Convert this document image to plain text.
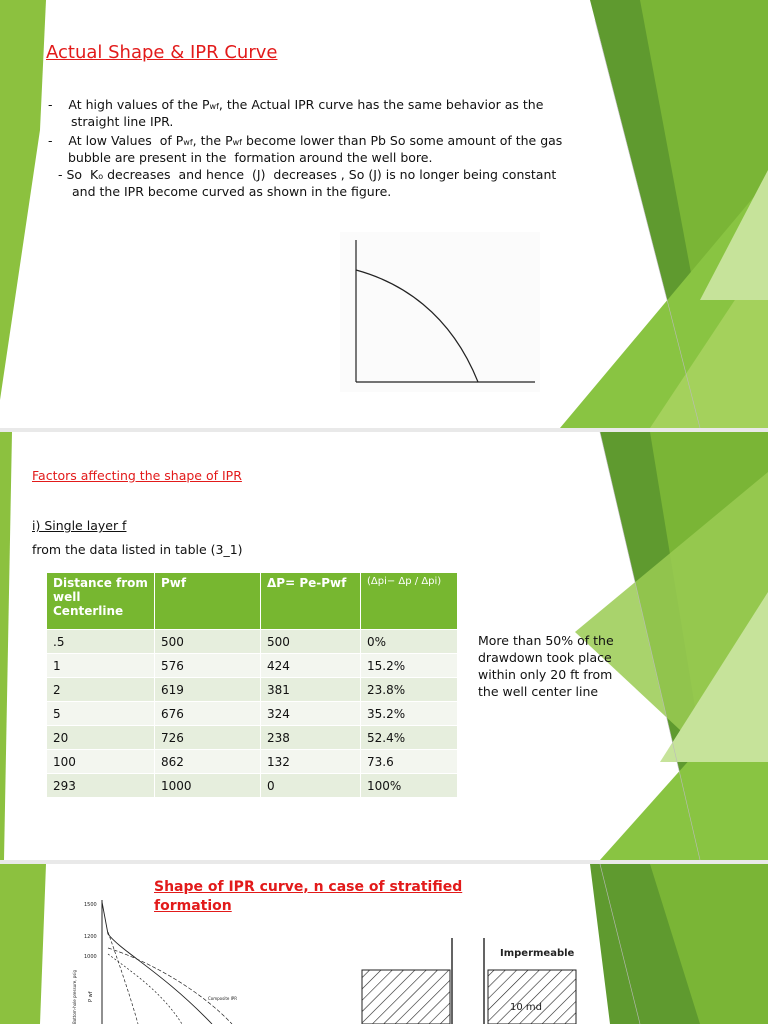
Actual Shape & IPR Curve
- At high values of the Pwf, the Actual IPR curve has the same behavior as the
straight line IPR.
- At low Values  of Pwf, the Pwf become lower than Pb So some amount of the gas
bubble are present in the  formation around the well bore.
- So Ko decreases  and hence  (J)  decreases , So (J) is no longer being constant
and the IPR become curved as shown in the figure.
Factors affecting the shape of IPR
i) Single layer f
from the data listed in table (3_1)
Distance from well Centerline	Pwf	ΔP= Pe-Pwf	(Δpi− Δp / Δpi)
.5	500	500	0%
1	576	424	15.2%
2	619	381	23.8%
5	676	324	35.2%
20	726	238	52.4%
100	862	132	73.6
293	1000	0	100%
More than 50% of the drawdown took place within only 20 ft from the well center line
Shape of IPR curve, n case of stratified
formation
1500
1200
1000
Bottom-hole pressure, psig P wf	Composite IPR
Impermeable
10 md
